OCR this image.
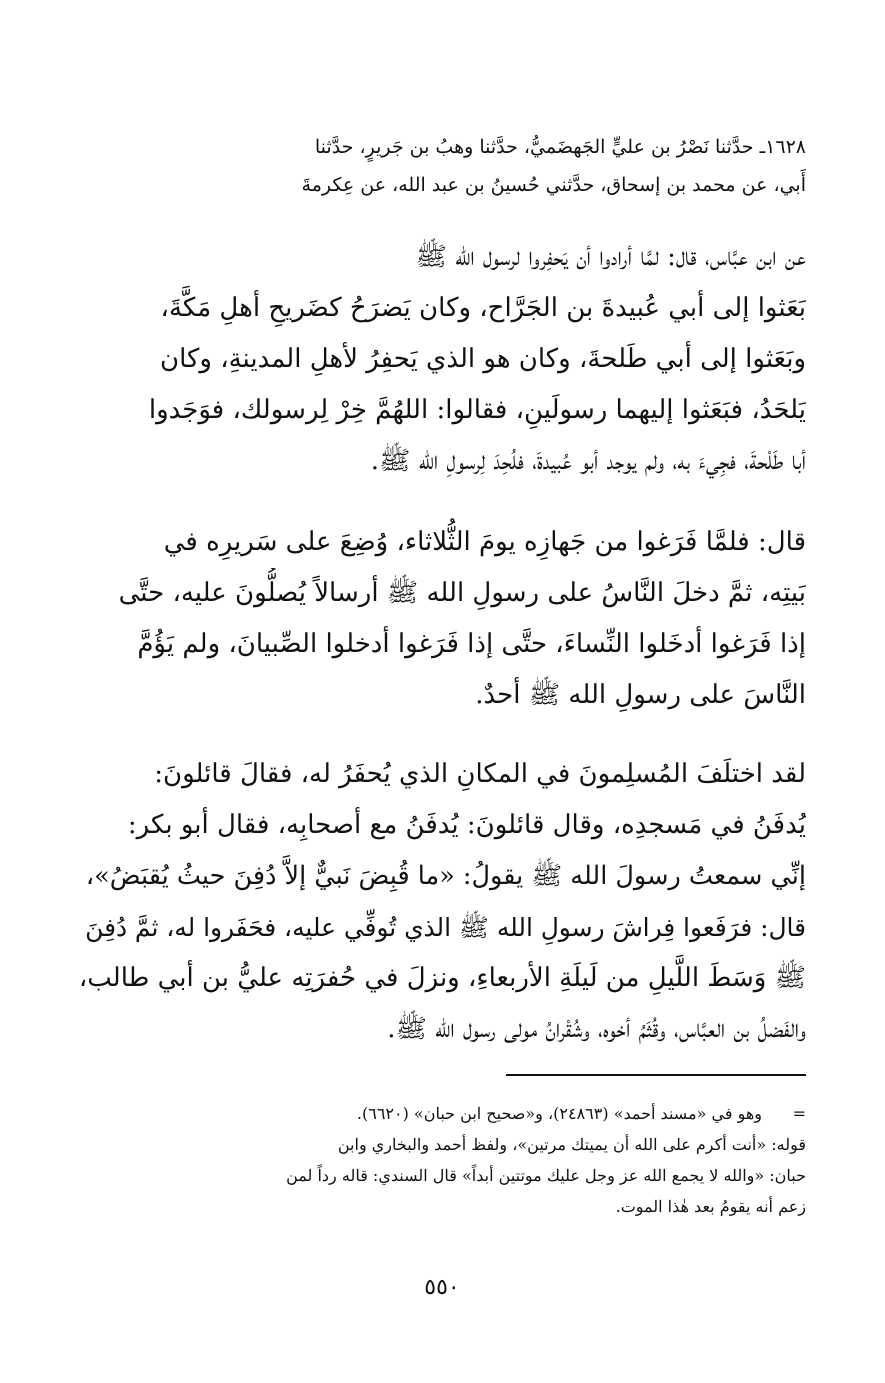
١٦٢٨ـ حدَّثنا نَصْرُ بن عليٍّ الجَهضَميُّ، حدَّثنا وهبُ بن جَريرٍ، حدَّثنا
أَبي، عن محمد بن إسحاق، حدَّثني حُسينُ بن عبد الله، عن عِكرمةَ
عن ابن عبَّاس، قال: لمَّا أرادوا أن يَحفِروا لرسول الله ﷺ
بَعَثوا إلى أبي عُبيدةَ بن الجَرَّاح، وكان يَضرَحُ كضَريحِ أهلِ مَكَّةَ،
وبَعَثوا إلى أبي طَلحةَ، وكان هو الذي يَحفِرُ لأهلِ المدينةِ، وكان
يَلحَدُ، فبَعَثوا إليهما رسولَينِ، فقالوا: اللهُمَّ خِرْ لِرسولك، فوَجَدوا
أبا طَلْحةَ، فجِيءَ به، ولم يوجد أبو عُبيدةَ، فلُحِدَ لِرسولِ الله ﷺ.
قال: فلمَّا فَرَغوا من جَهازِه يومَ الثُّلاثاء، وُضِعَ على سَريرِه في
بَيتِه، ثمَّ دخلَ النَّاسُ على رسولِ الله ﷺ أرسالاً يُصلُّونَ عليه، حتَّى
إذا فَرَغوا أدخَلوا النِّساءَ، حتَّى إذا فَرَغوا أدخلوا الصِّبيانَ، ولم يَؤُمَّ
النَّاسَ على رسولِ الله ﷺ أحدٌ.
لقد اختلَفَ المُسلِمونَ في المكانِ الذي يُحفَرُ له، فقالَ قائلونَ:
يُدفَنُ في مَسجدِه، وقال قائلونَ: يُدفَنُ مع أصحابِه، فقال أبو بكر:
إنِّي سمعتُ رسولَ الله ﷺ يقولُ: «ما قُبِضَ نَبيٌّ إلاَّ دُفِنَ حيثُ يُقبَضُ»،
قال: فرَفَعوا فِراشَ رسولِ الله ﷺ الذي تُوفِّي عليه، فحَفَروا له، ثمَّ دُفِنَ
ﷺ وَسَطَ اللَّيلِ من لَيلَةِ الأربعاءِ، ونزلَ في حُفرَتِه عليُّ بن أبي طالب،
والفَضلُ بن العبَّاس، وقُثَمُ أخوه، وشُقْرانُ مولى رسول الله ﷺ.
=
وهو في «مسند أحمد» (٢٤٨٦٣)، و«صحيح ابن حبان» (٦٦٢٠).
قوله: «أنت أكرم على الله أن يميتك مرتين»، ولفظ أحمد والبخاري وابن
حبان: «والله لا يجمع الله عز وجل عليك موتتين أبداً» قال السندي: قاله رداً لمن
زعم أنه يقومُ بعد هٰذا الموت.
٥٥٠
